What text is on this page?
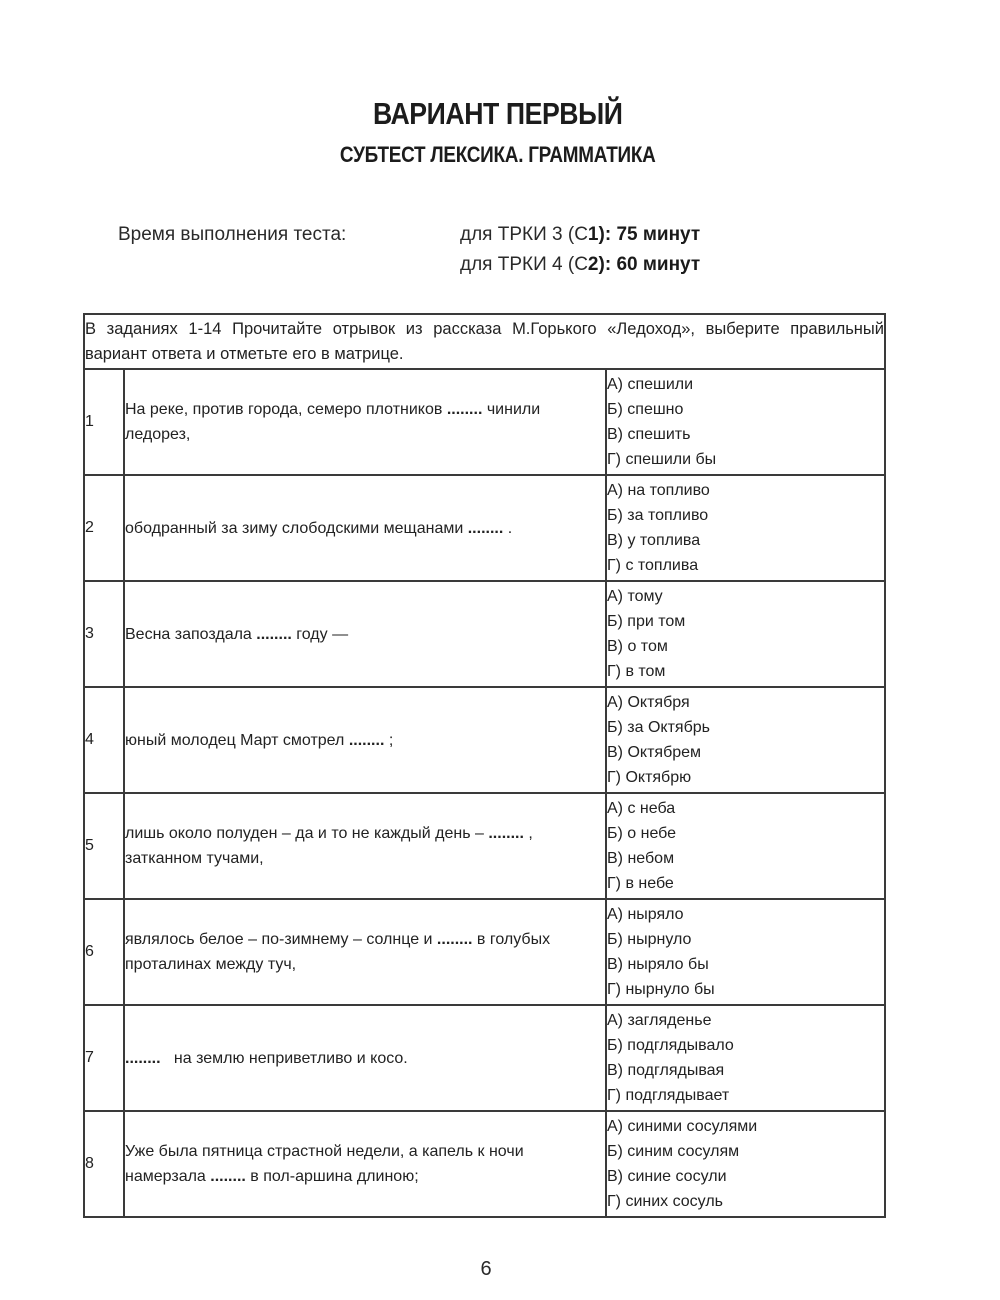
ВАРИАНТ ПЕРВЫЙ
СУБТЕСТ ЛЕКСИКА. ГРАММАТИКА
Время выполнения теста:	для ТРКИ 3 (С1): 75 минут
для ТРКИ 4 (С2): 60 минут
В заданиях 1-14 Прочитайте отрывок из рассказа М.Горького «Ледоход», выберите правильный вариант ответа и отметьте его в матрице.		
1	На реке, против города, семеро плотников ........ чинили ледорез,	А) спешили
Б) спешно
В) спешить
Г) спешили бы

2	ободранный за зиму слободскими мещанами ........ .	А) на топливо
Б) за топливо
В) у топлива
Г) с топлива

3	Весна запоздала ........ году —	А) тому
Б) при том
В) о том
Г) в том

4	юный молодец Март смотрел ........ ;	А) Октября
Б) за Октябрь
В) Октябрем
Г) Октябрю

5	лишь около полуден – да и то не каждый день – ........ , затканном тучами,	А) с неба
Б) о небе
В) небом
Г) в небе

6	являлось белое – по-зимнему – солнце и ........ в голубых проталинах между туч,	А) ныряло
Б) нырнуло
В) ныряло бы
Г) нырнуло бы

7	........   на землю неприветливо и косо.	А) загляденье
Б) подглядывало
В) подглядывая
Г) подглядывает

8	Уже была пятница страстной недели, а капель к ночи намерзала ........ в пол-аршина длиною;	А) синими сосулями
Б) синим сосулям
В) синие сосули
Г) синих сосуль
6
